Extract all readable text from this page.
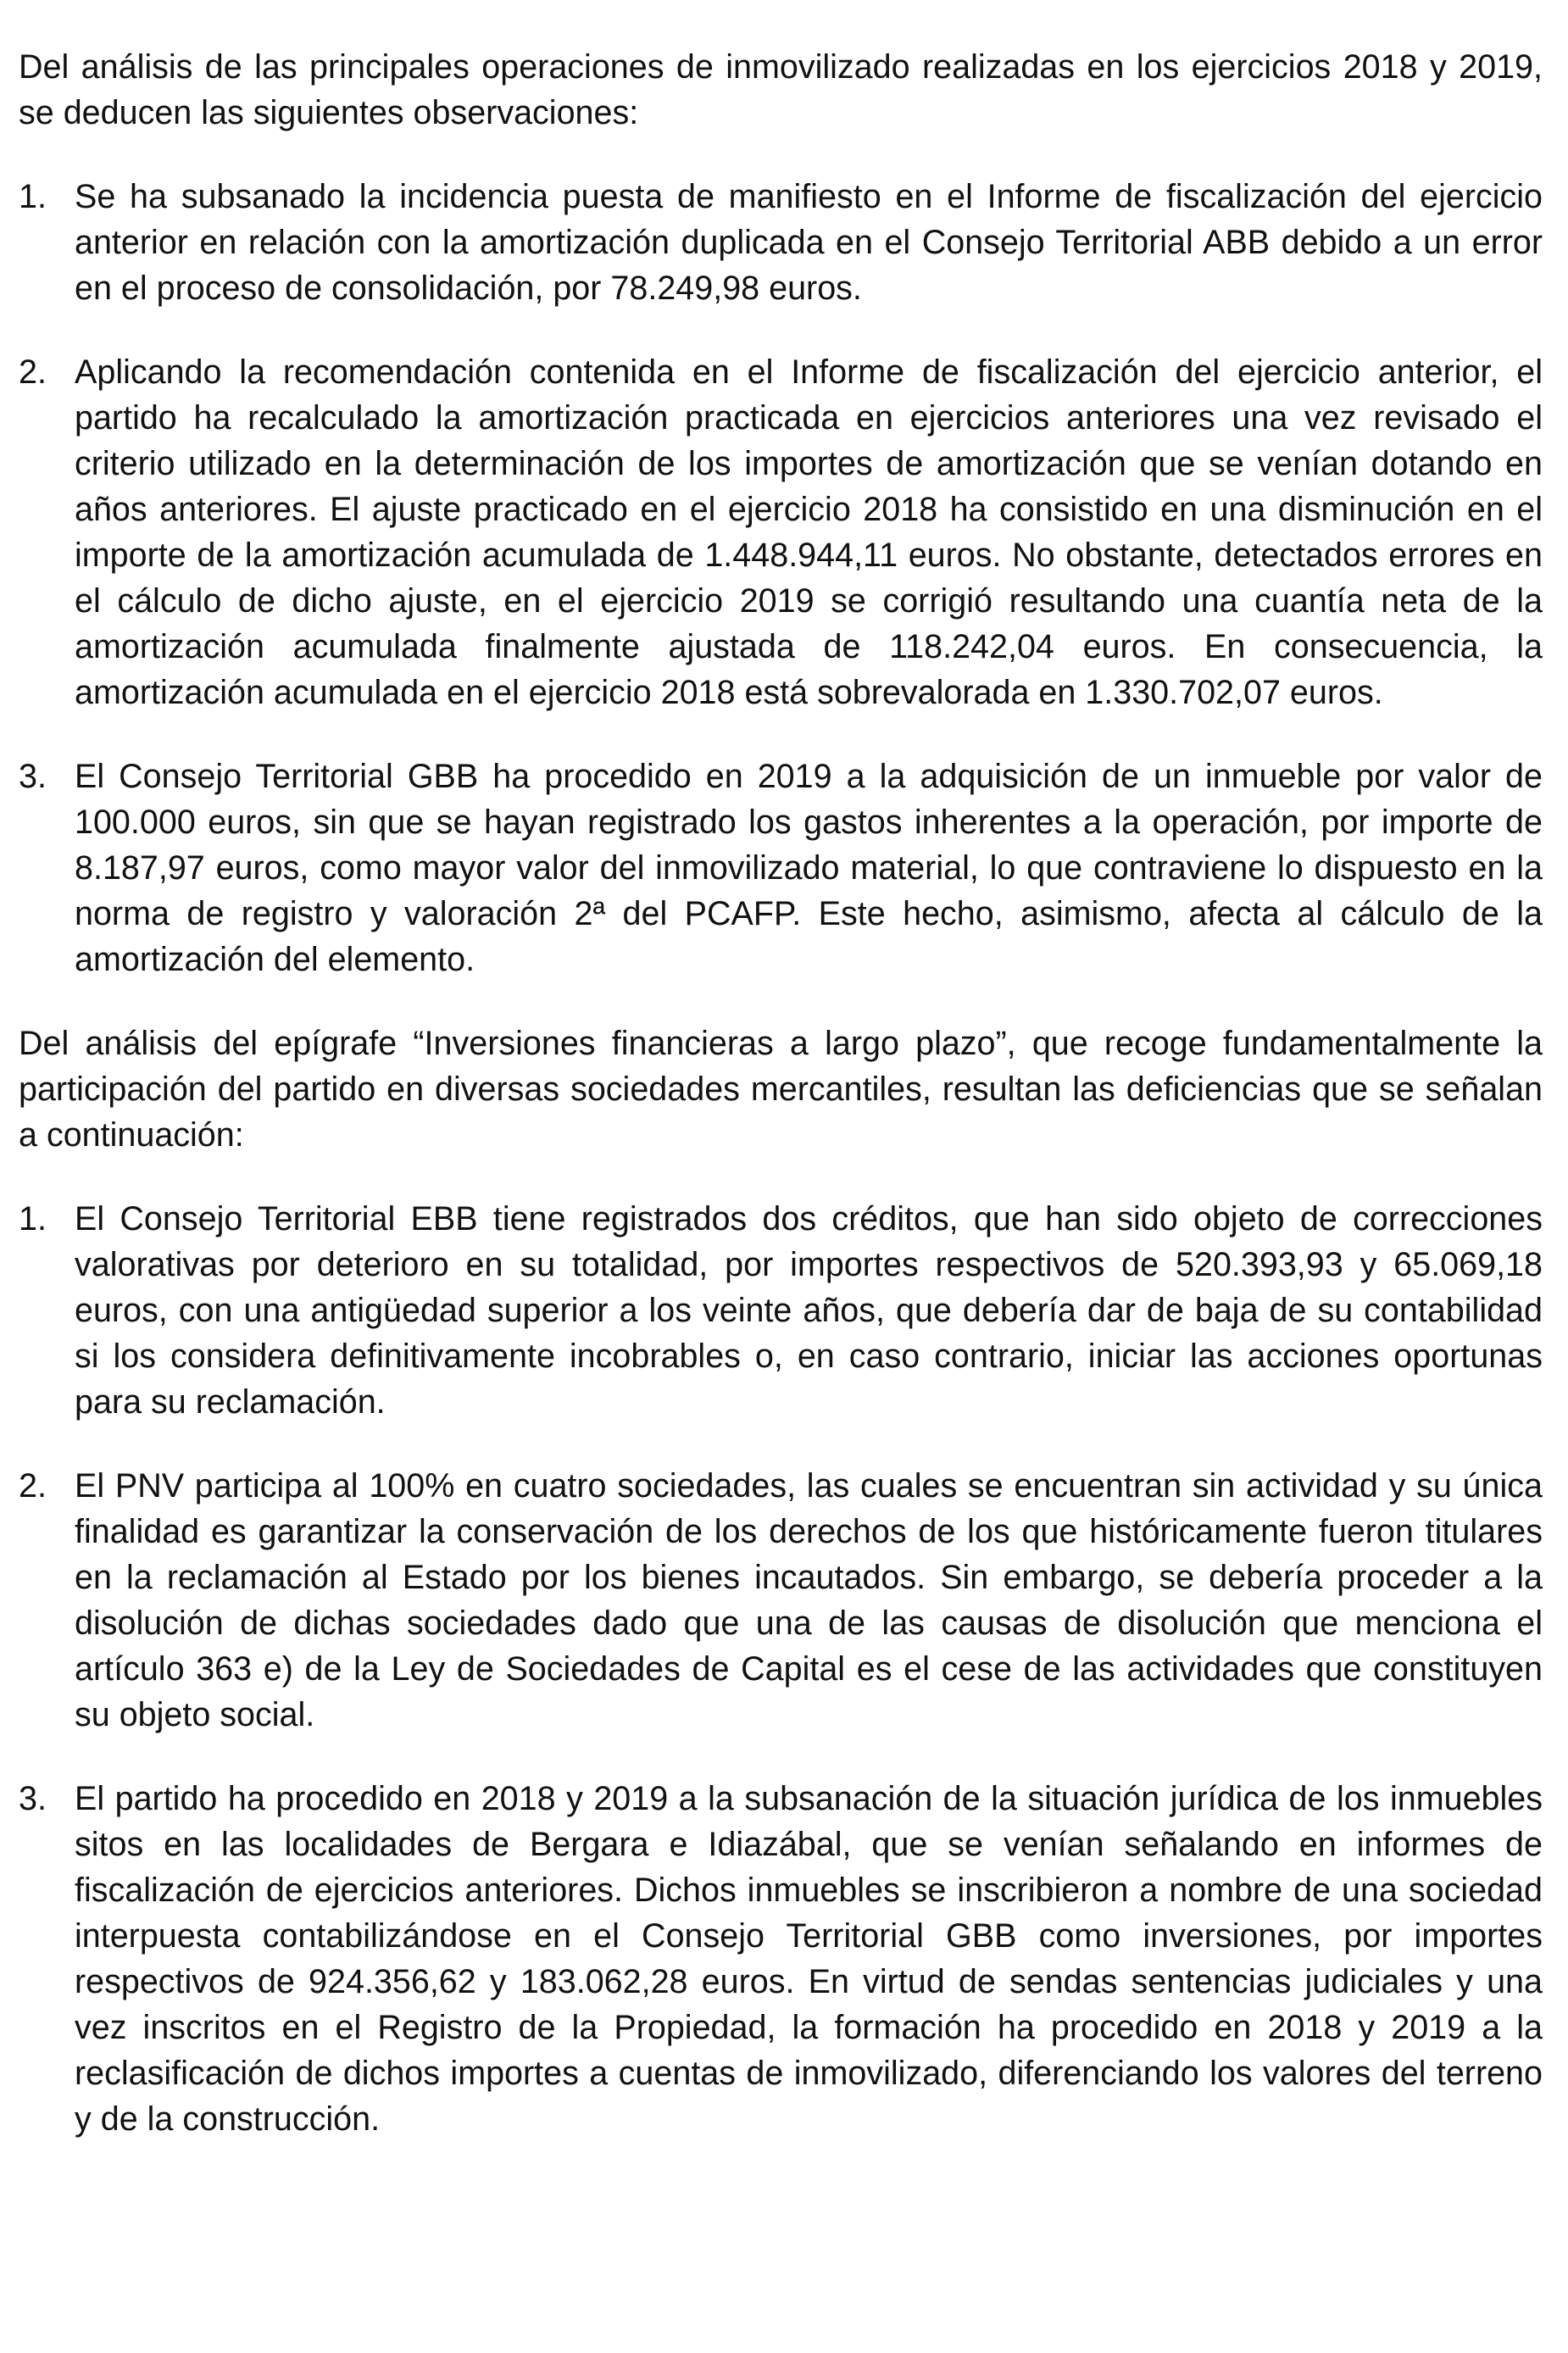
Del análisis de las principales operaciones de inmovilizado realizadas en los ejercicios 2018 y 2019, se deducen las siguientes observaciones:

1. Se ha subsanado la incidencia puesta de manifiesto en el Informe de fiscalización del ejercicio anterior en relación con la amortización duplicada en el Consejo Territorial ABB debido a un error en el proceso de consolidación, por 78.249,98 euros.
2. Aplicando la recomendación contenida en el Informe de fiscalización del ejercicio anterior, el partido ha recalculado la amortización practicada en ejercicios anteriores una vez revisado el criterio utilizado en la determinación de los importes de amortización que se venían dotando en años anteriores. El ajuste practicado en el ejercicio 2018 ha consistido en una disminución en el importe de la amortización acumulada de 1.448.944,11 euros. No obstante, detectados errores en el cálculo de dicho ajuste, en el ejercicio 2019 se corrigió resultando una cuantía neta de la amortización acumulada finalmente ajustada de 118.242,04 euros. En consecuencia, la amortización acumulada en el ejercicio 2018 está sobrevalorada en 1.330.702,07 euros.
3. El Consejo Territorial GBB ha procedido en 2019 a la adquisición de un inmueble por valor de 100.000 euros, sin que se hayan registrado los gastos inherentes a la operación, por importe de 8.187,97 euros, como mayor valor del inmovilizado material, lo que contraviene lo dispuesto en la norma de registro y valoración 2ª del PCAFP. Este hecho, asimismo, afecta al cálculo de la amortización del elemento.

Del análisis del epígrafe “Inversiones financieras a largo plazo”, que recoge fundamentalmente la participación del partido en diversas sociedades mercantiles, resultan las deficiencias que se señalan a continuación:

1. El Consejo Territorial EBB tiene registrados dos créditos, que han sido objeto de correcciones valorativas por deterioro en su totalidad, por importes respectivos de 520.393,93 y 65.069,18 euros, con una antigüedad superior a los veinte años, que debería dar de baja de su contabilidad si los considera definitivamente incobrables o, en caso contrario, iniciar las acciones oportunas para su reclamación.
2. El PNV participa al 100% en cuatro sociedades, las cuales se encuentran sin actividad y su única finalidad es garantizar la conservación de los derechos de los que históricamente fueron titulares en la reclamación al Estado por los bienes incautados. Sin embargo, se debería proceder a la disolución de dichas sociedades dado que una de las causas de disolución que menciona el artículo 363 e) de la Ley de Sociedades de Capital es el cese de las actividades que constituyen su objeto social.
3. El partido ha procedido en 2018 y 2019 a la subsanación de la situación jurídica de los inmuebles sitos en las localidades de Bergara e Idiazábal, que se venían señalando en informes de fiscalización de ejercicios anteriores. Dichos inmuebles se inscribieron a nombre de una sociedad interpuesta contabilizándose en el Consejo Territorial GBB como inversiones, por importes respectivos de 924.356,62 y 183.062,28 euros. En virtud de sendas sentencias judiciales y una vez inscritos en el Registro de la Propiedad, la formación ha procedido en 2018 y 2019 a la reclasificación de dichos importes a cuentas de inmovilizado, diferenciando los valores del terreno y de la construcción.
